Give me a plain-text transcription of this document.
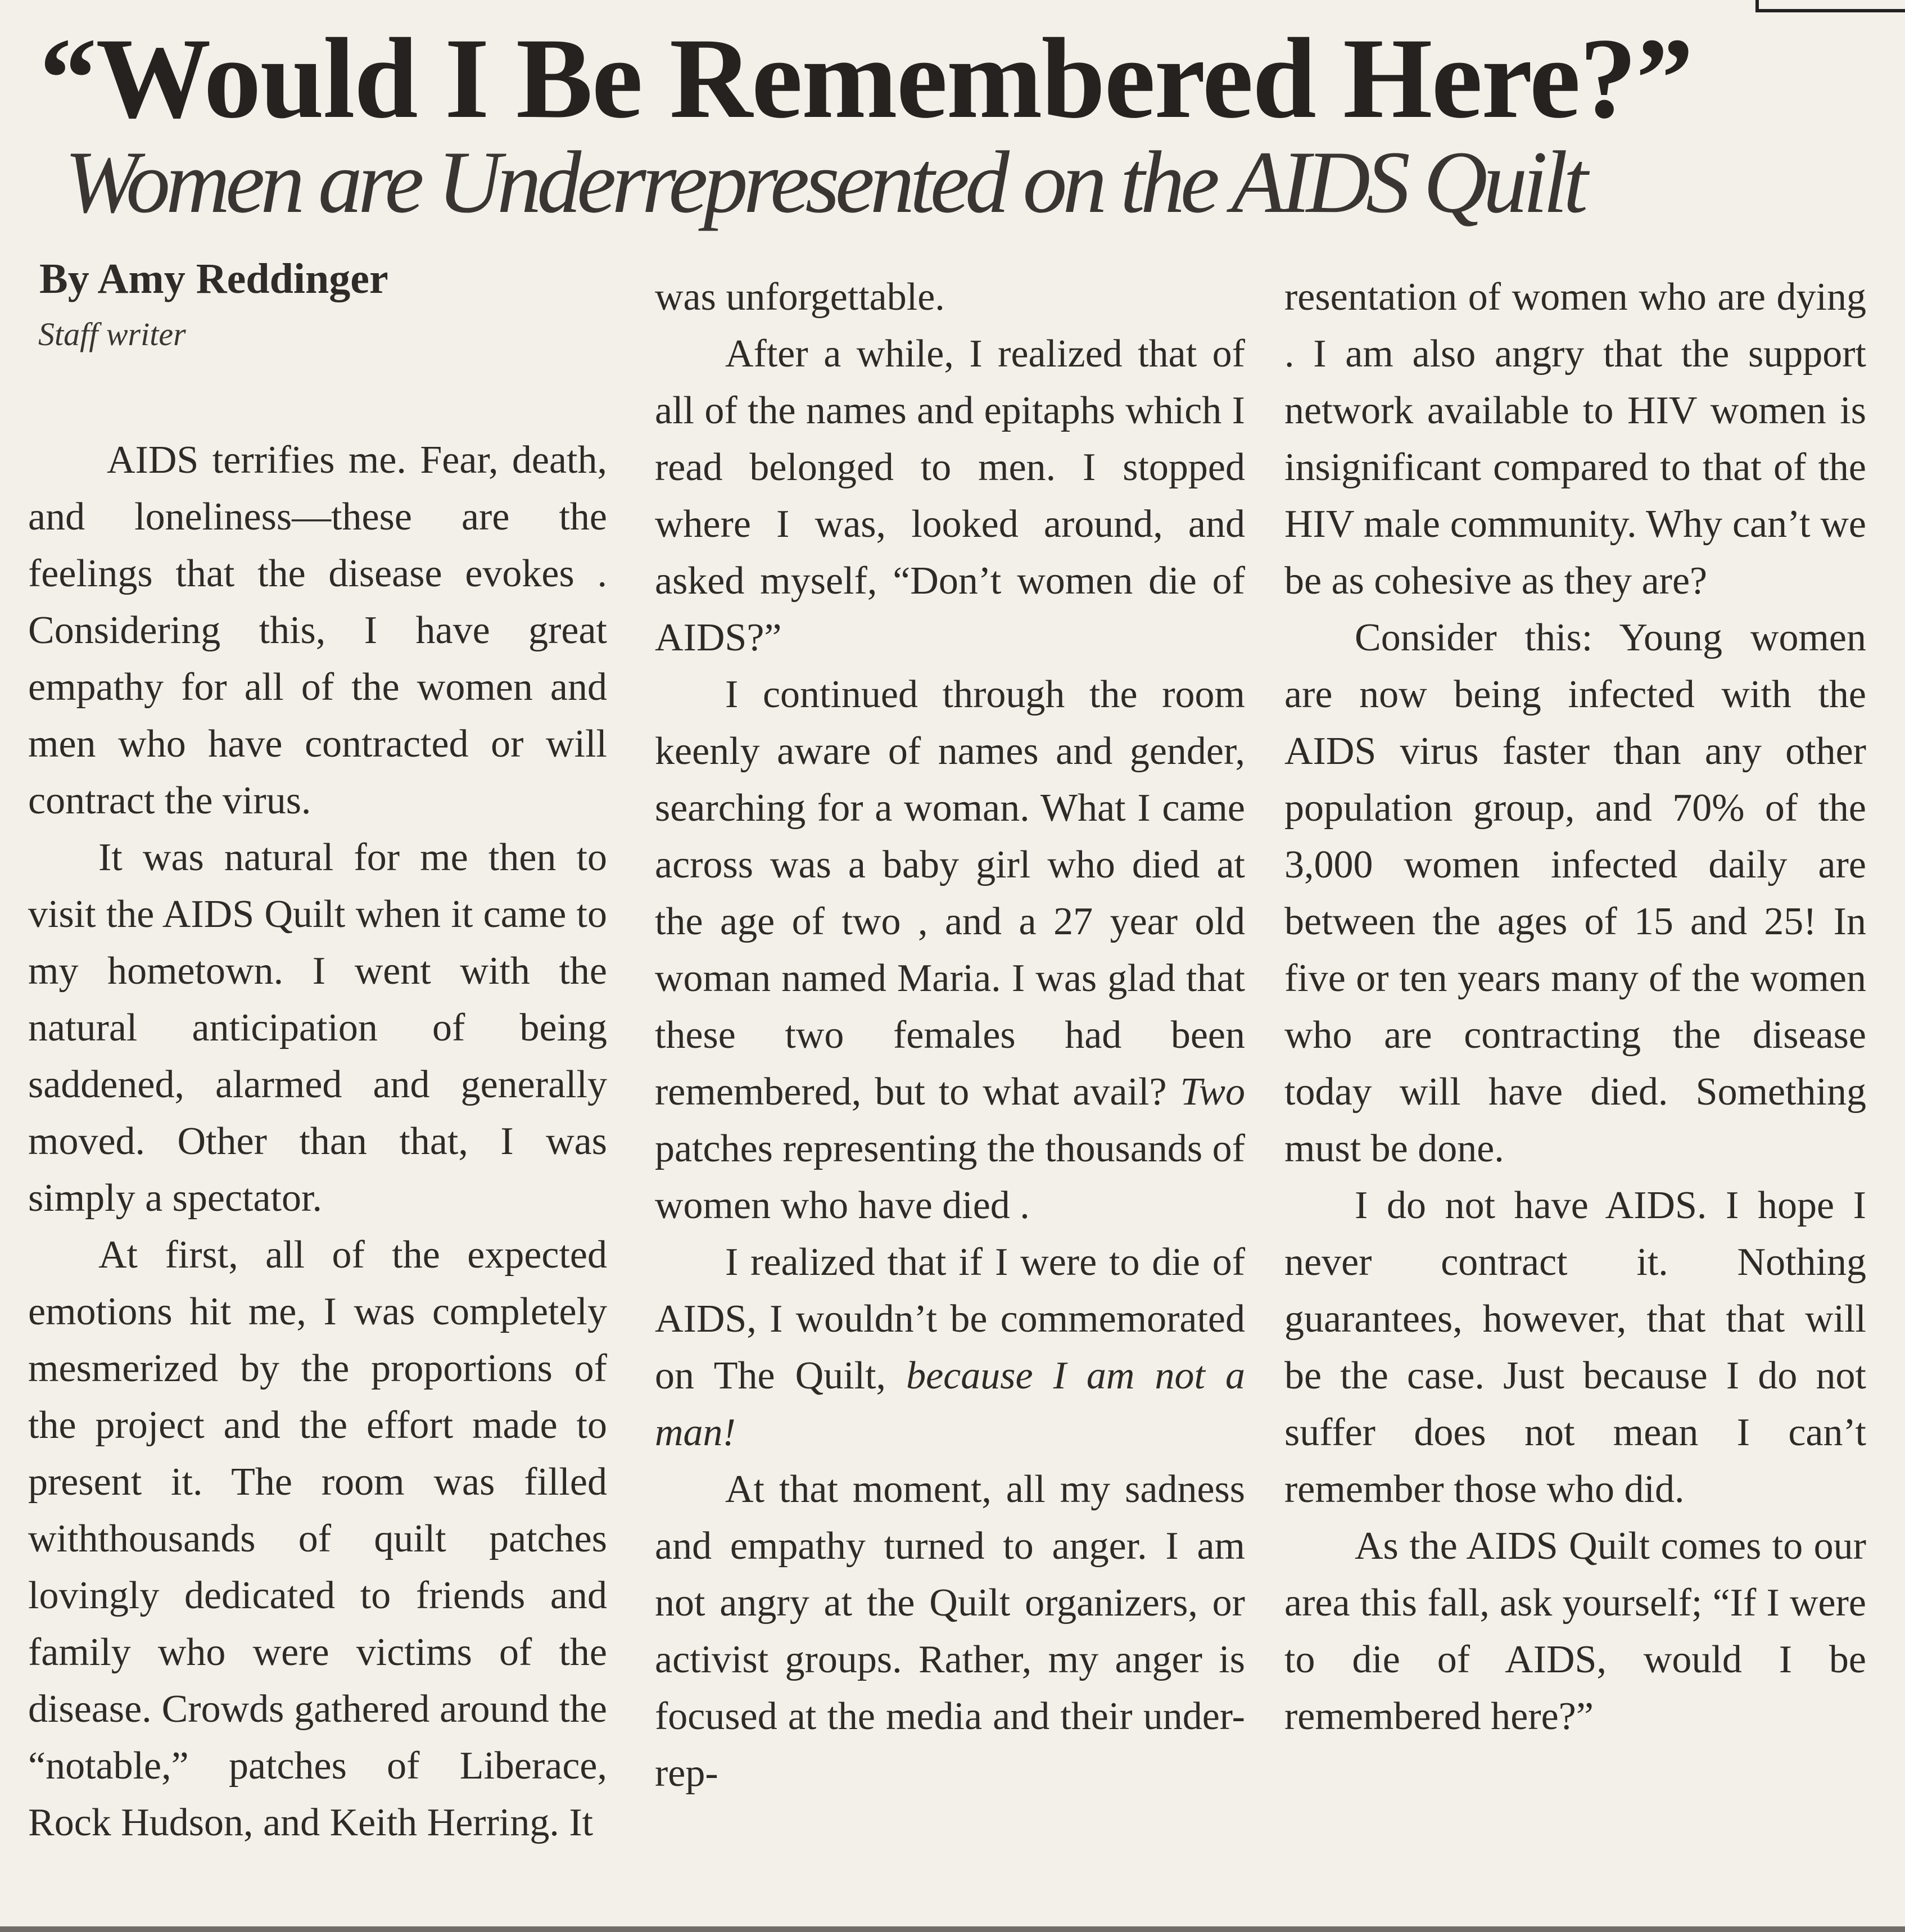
“Would I Be Remembered Here?”
Women are Underrepresented on the AIDS Quilt
By Amy Reddinger
Staff writer

AIDS terrifies me. Fear, death, and loneliness—these are the feelings that the disease evokes . Considering this, I have great empathy for all of the women and men who have contracted or will contract the virus.

It was natural for me then to visit the AIDS Quilt when it came to my hometown. I went with the natural anticipation of being saddened, alarmed and generally moved. Other than that, I was simply a spectator.

At first, all of the expected emotions hit me, I was completely mesmerized by the proportions of the project and the effort made to present it. The room was filled withthousands of quilt patches lovingly dedicated to friends and family who were victims of the disease. Crowds gathered around the “notable,” patches of Liberace, Rock Hudson, and Keith Herring. It

was unforgettable.

After a while, I realized that of all of the names and epitaphs which I read belonged to men. I stopped where I was, looked around, and asked myself, “Don’t women die of AIDS?”

I continued through the room keenly aware of names and gender, searching for a woman. What I came across was a baby girl who died at the age of two , and a 27 year old woman named Maria. I was glad that these two females had been remembered, but to what avail? Two patches representing the thousands of women who have died .

I realized that if I were to die of AIDS, I wouldn’t be commemorated on The Quilt, because I am not a man!

At that moment, all my sadness and empathy turned to anger. I am not angry at the Quilt organizers, or activist groups. Rather, my anger is focused at the media and their under-rep-

resentation of women who are dying . I am also angry that the support network available to HIV women is insignificant compared to that of the HIV male community. Why can’t we be as cohesive as they are?

Consider this: Young women are now being infected with the AIDS virus faster than any other population group, and 70% of the 3,000 women infected daily are between the ages of 15 and 25! In five or ten years many of the women who are contracting the disease today will have died. Something must be done.

I do not have AIDS. I hope I never contract it. Nothing guarantees, however, that that will be the case. Just because I do not suffer does not mean I can’t remember those who did.

As the AIDS Quilt comes to our area this fall, ask yourself; “If I were to die of AIDS, would I be remembered here?”
